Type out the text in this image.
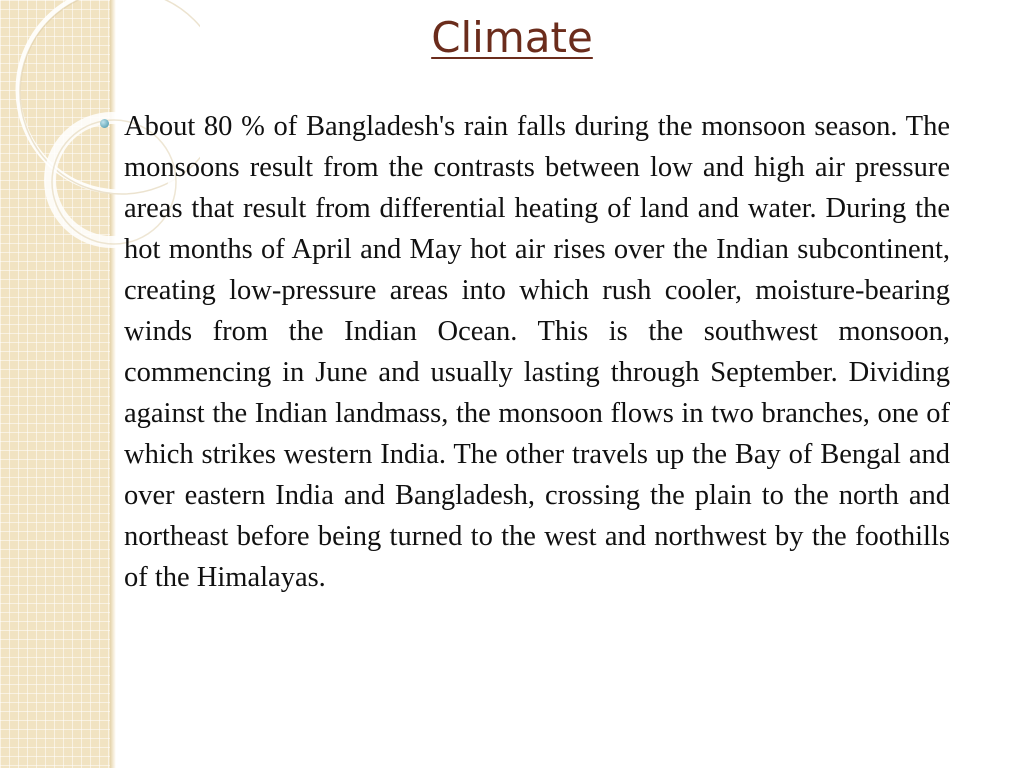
Climate

About 80 % of Bangladesh's rain falls during the monsoon season. The monsoons result from the contrasts between low and high air pressure areas that result from differential heating of land and water. During the hot months of April and May hot air rises over the Indian subcontinent, creating low-pressure areas into which rush cooler, moisture-bearing winds from the Indian Ocean. This is the southwest monsoon, commencing in June and usually lasting through September. Dividing against the Indian landmass, the monsoon flows in two branches, one of which strikes western India. The other travels up the Bay of Bengal and over eastern India and Bangladesh, crossing the plain to the north and northeast before being turned to the west and northwest by the foothills of the Himalayas.
